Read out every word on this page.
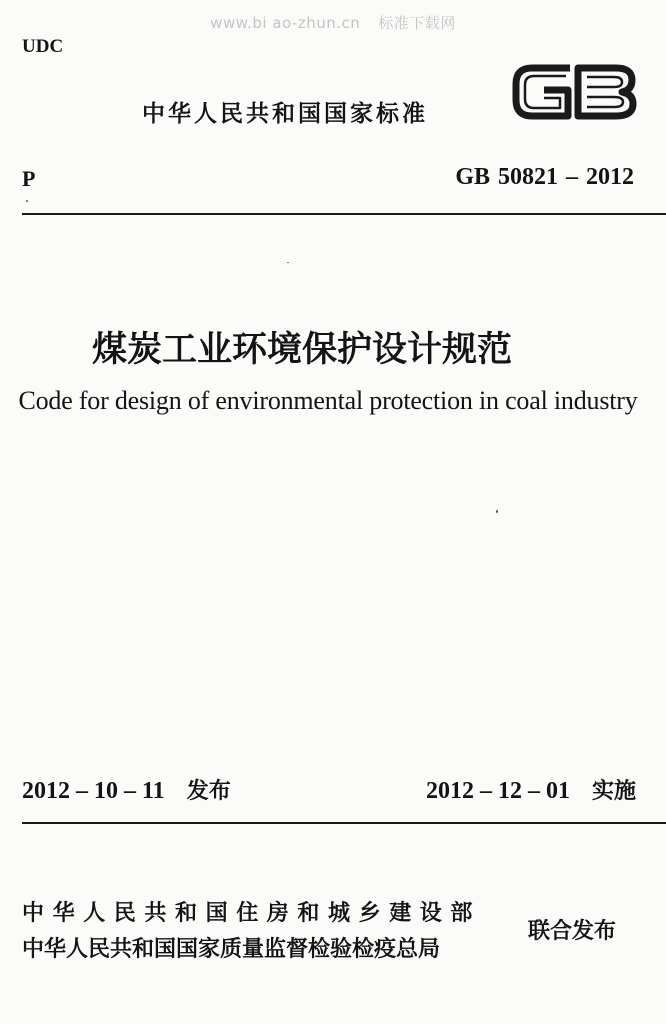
www.bi ao-zhun.cn 标准下载网
UDC
中华人民共和国国家标准
P	GB 50821 – 2012
煤炭工业环境保护设计规范
Code for design of environmental protection in coal industry
2012 – 10 – 11 发布	2012 – 12 – 01 实施
中华人民共和国住房和城乡建设部
中华人民共和国国家质量监督检验检疫总局
联合发布
